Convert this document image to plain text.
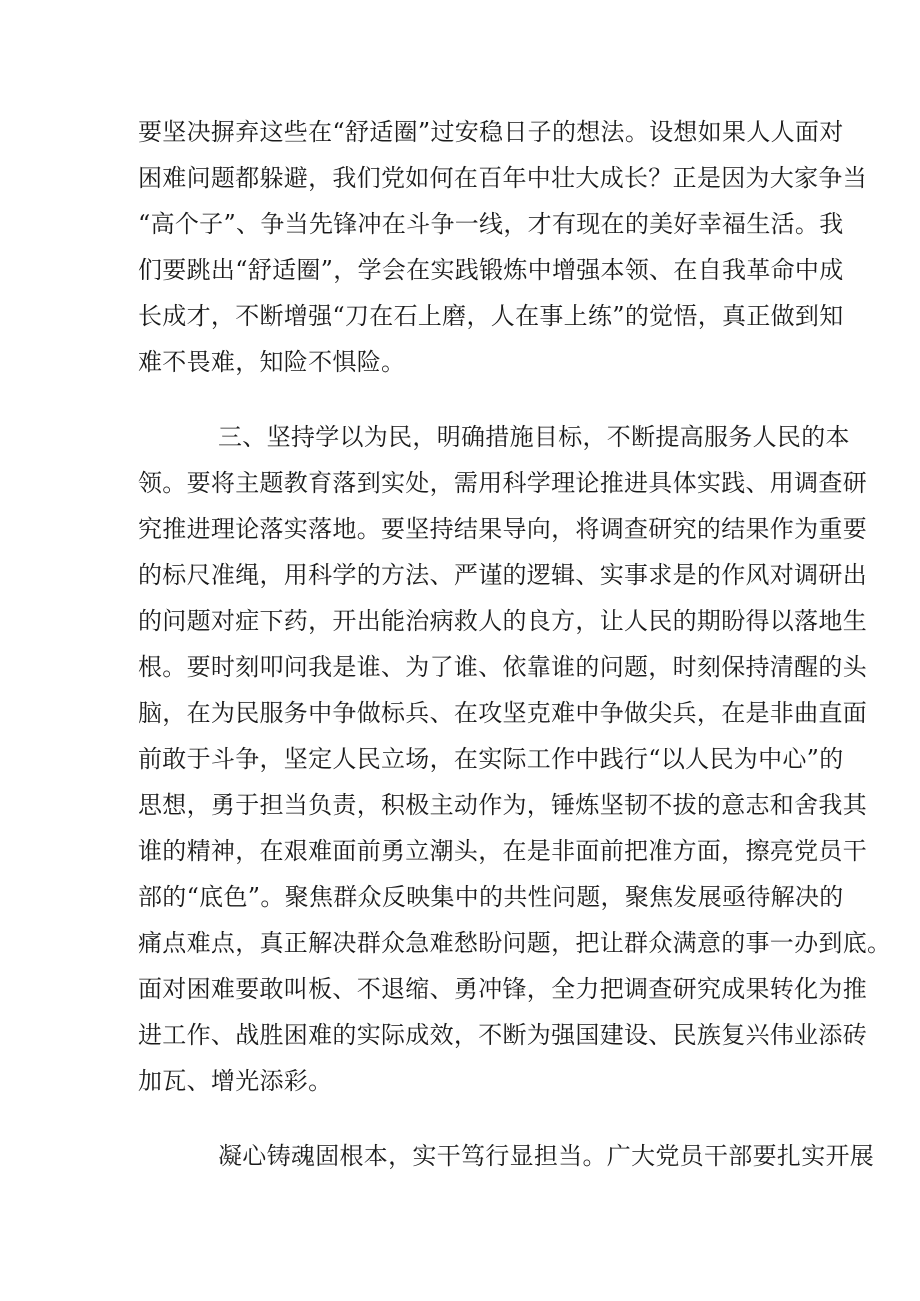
要坚决摒弃这些在“舒适圈”过安稳日子的想法。设想如果人人面对
困难问题都躲避，我们党如何在百年中壮大成长？正是因为大家争当
“高个子”、争当先锋冲在斗争一线，才有现在的美好幸福生活。我
们要跳出“舒适圈”，学会在实践锻炼中增强本领、在自我革命中成
长成才，不断增强“刀在石上磨，人在事上练”的觉悟，真正做到知
难不畏难，知险不惧险。
三、坚持学以为民，明确措施目标，不断提高服务人民的本
领。要将主题教育落到实处，需用科学理论推进具体实践、用调查研
究推进理论落实落地。要坚持结果导向，将调查研究的结果作为重要
的标尺准绳，用科学的方法、严谨的逻辑、实事求是的作风对调研出
的问题对症下药，开出能治病救人的良方，让人民的期盼得以落地生
根。要时刻叩问我是谁、为了谁、依靠谁的问题，时刻保持清醒的头
脑，在为民服务中争做标兵、在攻坚克难中争做尖兵，在是非曲直面
前敢于斗争，坚定人民立场，在实际工作中践行“以人民为中心”的
思想，勇于担当负责，积极主动作为，锤炼坚韧不拔的意志和舍我其
谁的精神，在艰难面前勇立潮头，在是非面前把准方面，擦亮党员干
部的“底色”。聚焦群众反映集中的共性问题，聚焦发展亟待解决的
痛点难点，真正解决群众急难愁盼问题，把让群众满意的事一办到底。
面对困难要敢叫板、不退缩、勇冲锋，全力把调查研究成果转化为推
进工作、战胜困难的实际成效，不断为强国建设、民族复兴伟业添砖
加瓦、增光添彩。
凝心铸魂固根本，实干笃行显担当。广大党员干部要扎实开展
